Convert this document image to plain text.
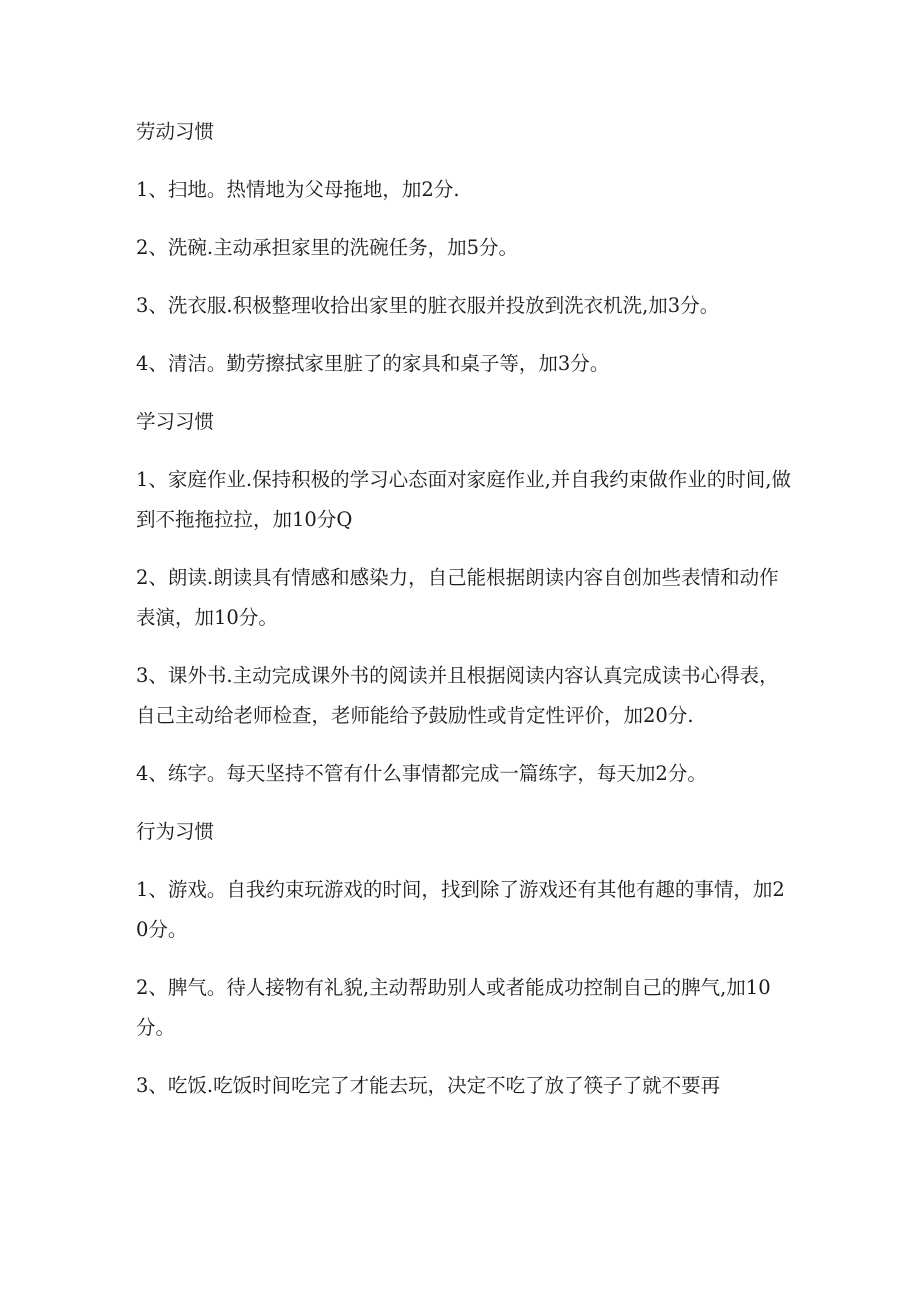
劳动习惯

1、扫地。热情地为父母拖地，加2分.

2、洗碗.主动承担家里的洗碗任务，加5分。

3、洗衣服.积极整理收拾出家里的脏衣服并投放到洗衣机洗,加3分。

4、清洁。勤劳擦拭家里脏了的家具和桌子等，加3分。

学习习惯

1、家庭作业.保持积极的学习心态面对家庭作业,并自我约束做作业的时间,做到不拖拖拉拉，加10分Q

2、朗读.朗读具有情感和感染力，自己能根据朗读内容自创加些表情和动作表演，加10分。

3、课外书.主动完成课外书的阅读并且根据阅读内容认真完成读书心得表，自己主动给老师检查，老师能给予鼓励性或肯定性评价，加20分.

4、练字。每天坚持不管有什么事情都完成一篇练字，每天加2分。

行为习惯

1、游戏。自我约束玩游戏的时间，找到除了游戏还有其他有趣的事情，加20分。

2、脾气。待人接物有礼貌,主动帮助别人或者能成功控制自己的脾气,加10分。

3、吃饭.吃饭时间吃完了才能去玩，决定不吃了放了筷子了就不要再
